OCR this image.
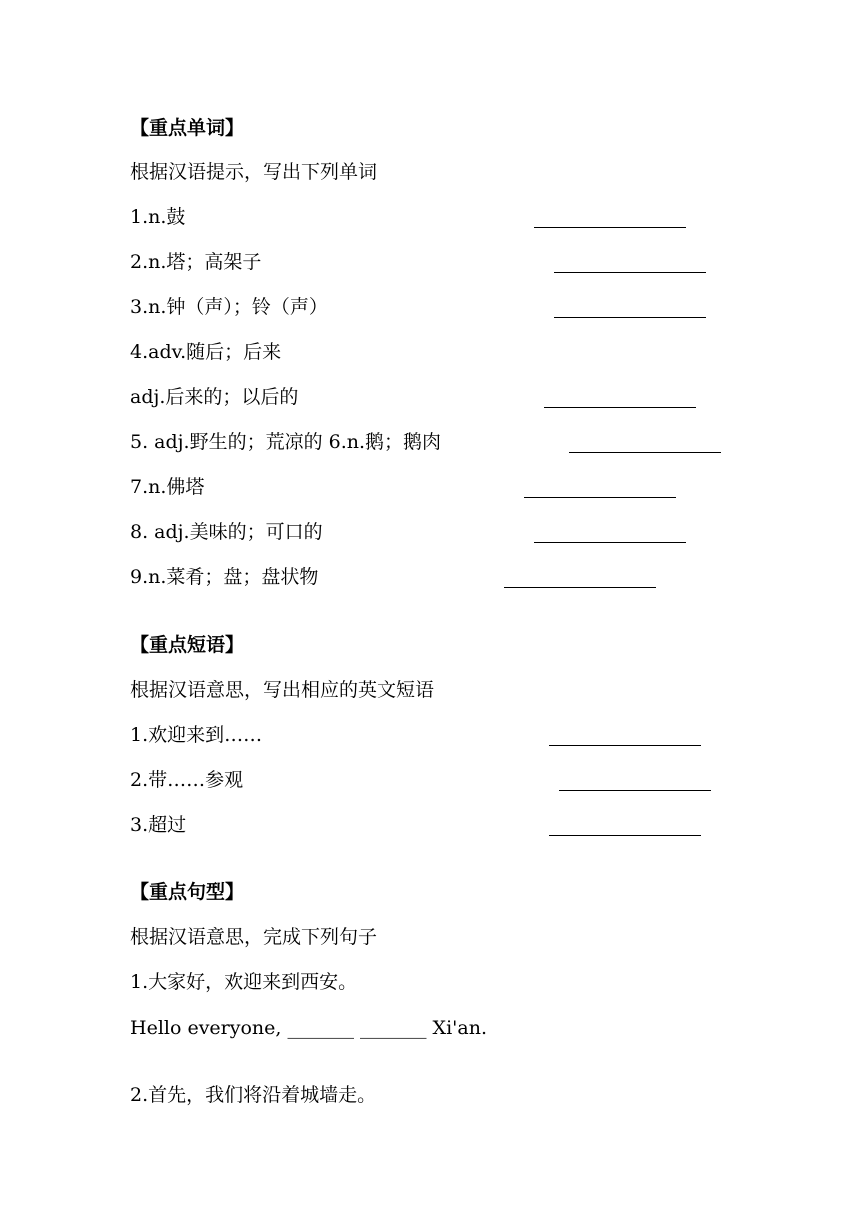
【重点单词】
根据汉语提示，写出下列单词
1.n.鼓
2.n.塔；高架子
3.n.钟（声）；铃（声）
4.adv.随后；后来
adj.后来的；以后的
5. adj.野生的；荒凉的 6.n.鹅；鹅肉
7.n.佛塔
8. adj.美味的；可口的
9.n.菜肴；盘；盘状物
【重点短语】
根据汉语意思，写出相应的英文短语
1.欢迎来到……
2.带……参观
3.超过
【重点句型】
根据汉语意思，完成下列句子
1.大家好，欢迎来到西安。
Hello everyone, _______ _______ Xi'an.
2.首先，我们将沿着城墙走。
